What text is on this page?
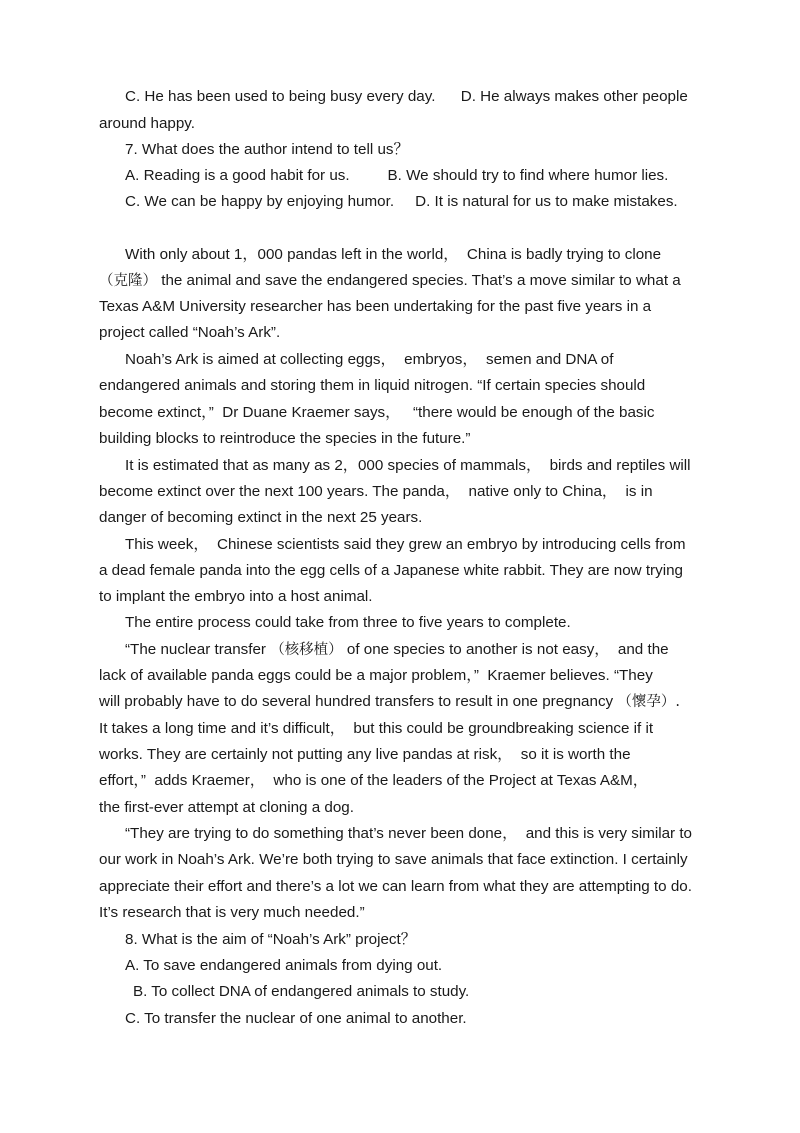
C. He has been used to being busy every day.      D. He always makes other people

around happy.

7. What does the author intend to tell us？

A. Reading is a good habit for us.         B. We should try to find where humor lies.

C. We can be happy by enjoying humor.     D. It is natural for us to make mistakes.

With only about 1，000 pandas left in the world，  China is badly trying to clone

（克隆） the animal and save the endangered species. That’s a move similar to what a

Texas A&M University researcher has been undertaking for the past five years in a

project called “Noah’s Ark”.

Noah’s Ark is aimed at collecting eggs，  embryos，  semen and DNA of

endangered animals and storing them in liquid nitrogen. “If certain species should

become extinct，”  Dr Duane Kraemer says，   “there would be enough of the basic

building blocks to reintroduce the species in the future.”

It is estimated that as many as 2，000 species of mammals，  birds and reptiles will

become extinct over the next 100 years. The panda，  native only to China，  is in

danger of becoming extinct in the next 25 years.

This week，  Chinese scientists said they grew an embryo by introducing cells from

a dead female panda into the egg cells of a Japanese white rabbit. They are now trying

to implant the embryo into a host animal.

The entire process could take from three to five years to complete.

“The nuclear transfer （核移植） of one species to another is not easy，  and the

lack of available panda eggs could be a major problem，”  Kraemer believes. “They

will probably have to do several hundred transfers to result in one pregnancy （懷孕）.

It takes a long time and it’s difficult，  but this could be groundbreaking science if it

works. They are certainly not putting any live pandas at risk，  so it is worth the

effort，”  adds Kraemer，  who is one of the leaders of the Project at Texas A&M，

the first-ever attempt at cloning a dog.

“They are trying to do something that’s never been done，  and this is very similar to

our work in Noah’s Ark. We’re both trying to save animals that face extinction. I certainly

appreciate their effort and there’s a lot we can learn from what they are attempting to do.

It’s research that is very much needed.”

8. What is the aim of “Noah’s Ark” project？

A. To save endangered animals from dying out.

B. To collect DNA of endangered animals to study.

C. To transfer the nuclear of one animal to another.
